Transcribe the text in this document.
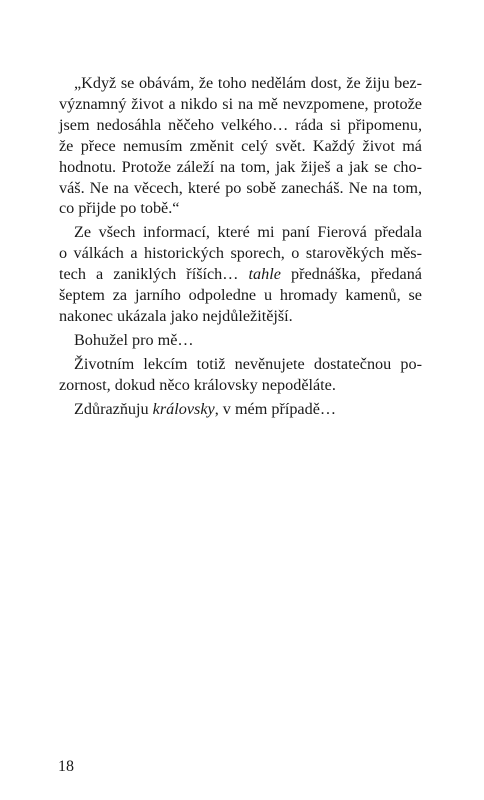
„Když se obávám, že toho nedělám dost, že žiju bez-
významný život a nikdo si na mě nevzpomene, protože
jsem nedosáhla něčeho velkého… ráda si připomenu,
že přece nemusím změnit celý svět. Každý život má
hodnotu. Protože záleží na tom, jak žiješ a jak se cho-
váš. Ne na věcech, které po sobě zanecháš. Ne na tom,
co přijde po tobě.“
Ze všech informací, které mi paní Fierová předala
o válkách a historických sporech, o starověkých měs-
tech a zaniklých říších… tahle přednáška, předaná
šeptem za jarního odpoledne u hromady kamenů, se
nakonec ukázala jako nejdůležitější.
Bohužel pro mě…
Životním lekcím totiž nevěnujete dostatečnou po-
zornost, dokud něco královsky nepoděláte.
Zdůrazňuju královsky, v mém případě…
18
